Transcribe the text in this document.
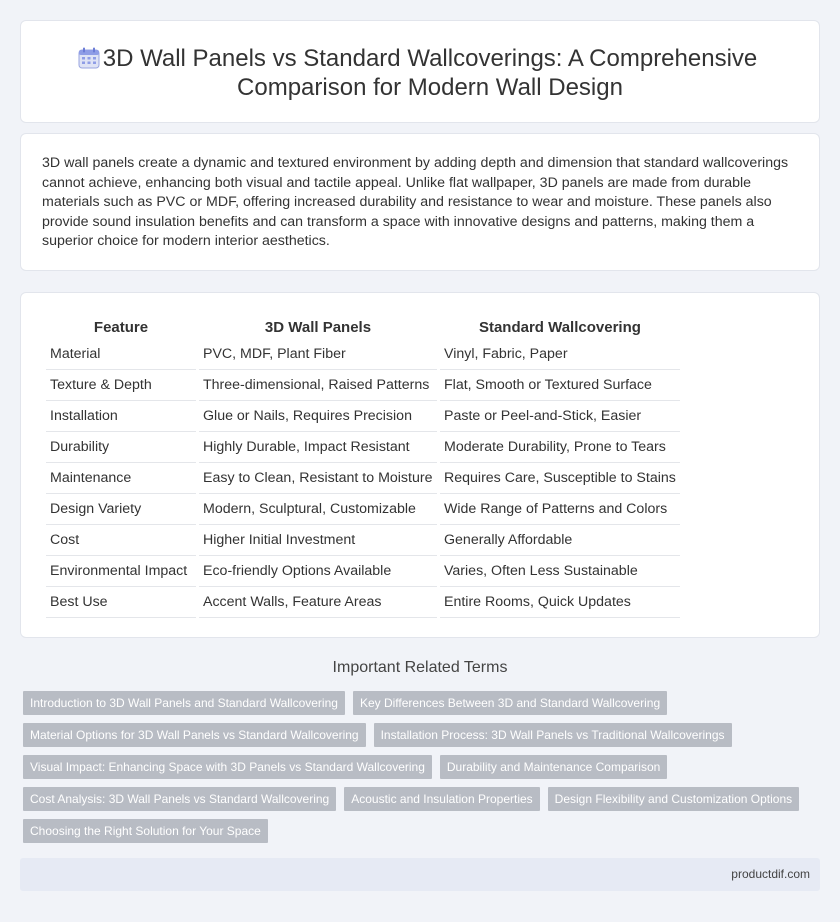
3D Wall Panels vs Standard Wallcoverings: A Comprehensive Comparison for Modern Wall Design

3D wall panels create a dynamic and textured environment by adding depth and dimension that standard wallcoverings cannot achieve, enhancing both visual and tactile appeal. Unlike flat wallpaper, 3D panels are made from durable materials such as PVC or MDF, offering increased durability and resistance to wear and moisture. These panels also provide sound insulation benefits and can transform a space with innovative designs and patterns, making them a superior choice for modern interior aesthetics.

Feature	3D Wall Panels	Standard Wallcovering
Material	PVC, MDF, Plant Fiber	Vinyl, Fabric, Paper
Texture & Depth	Three-dimensional, Raised Patterns	Flat, Smooth or Textured Surface
Installation	Glue or Nails, Requires Precision	Paste or Peel-and-Stick, Easier
Durability	Highly Durable, Impact Resistant	Moderate Durability, Prone to Tears
Maintenance	Easy to Clean, Resistant to Moisture	Requires Care, Susceptible to Stains
Design Variety	Modern, Sculptural, Customizable	Wide Range of Patterns and Colors
Cost	Higher Initial Investment	Generally Affordable
Environmental Impact	Eco-friendly Options Available	Varies, Often Less Sustainable
Best Use	Accent Walls, Feature Areas	Entire Rooms, Quick Updates
Important Related Terms
Introduction to 3D Wall Panels and Standard Wallcovering	Key Differences Between 3D and Standard Wallcovering
Material Options for 3D Wall Panels vs Standard Wallcovering	Installation Process: 3D Wall Panels vs Traditional Wallcoverings
Visual Impact: Enhancing Space with 3D Panels vs Standard Wallcovering	Durability and Maintenance Comparison
Cost Analysis: 3D Wall Panels vs Standard Wallcovering	Acoustic and Insulation Properties	Design Flexibility and Customization Options
Choosing the Right Solution for Your Space
productdif.com
